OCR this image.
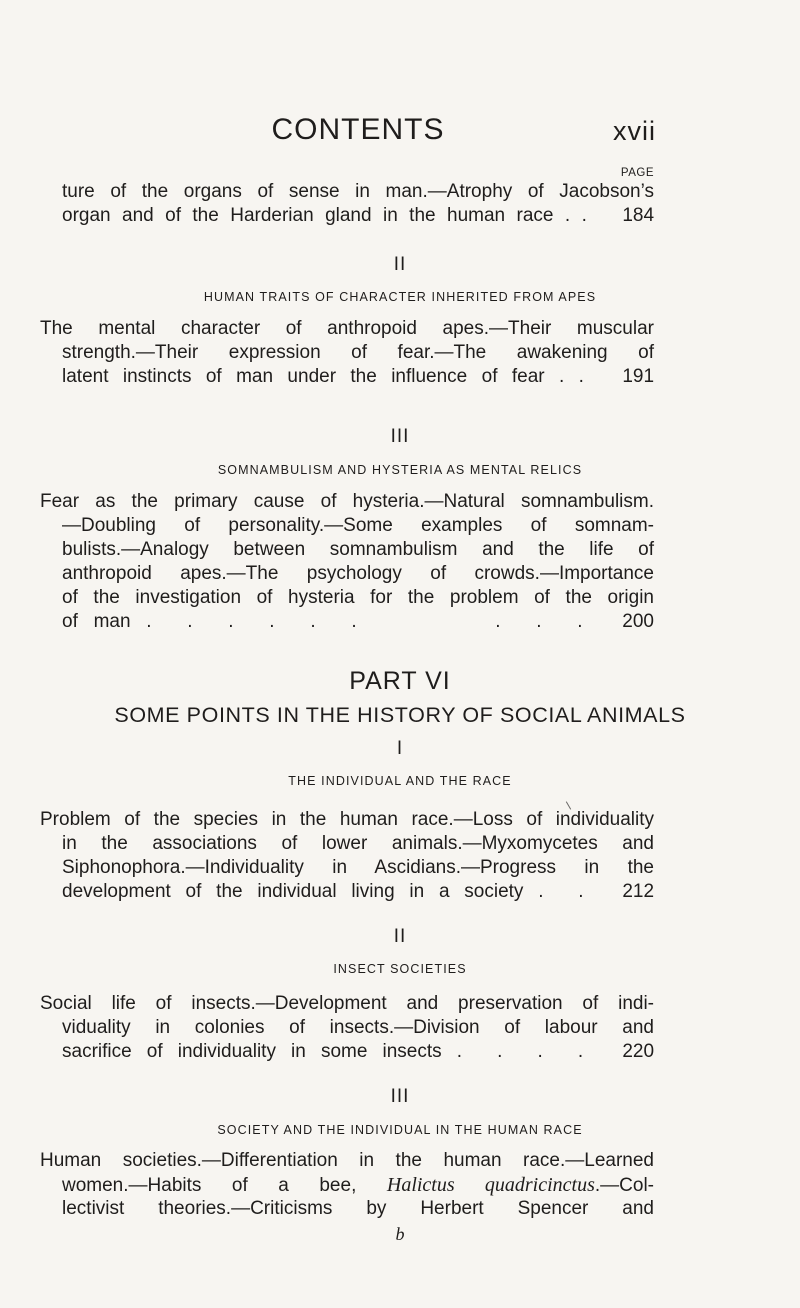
CONTENTS	xvii
PAGE
ture of the organs of sense in man.—Atrophy of Jacobson’s
organ and of the Harderian gland in the human race . . 184
II
HUMAN TRAITS OF CHARACTER INHERITED FROM APES
The mental character of anthropoid apes.—Their muscular
strength.—Their expression of fear.—The awakening of
latent instincts of man under the influence of fear . . 191
III
SOMNAMBULISM AND HYSTERIA AS MENTAL RELICS
Fear as the primary cause of hysteria.—Natural somnambulism.
—Doubling of personality.—Some examples of somnam-
bulists.—Analogy between somnambulism and the life of
anthropoid apes.—The psychology of crowds.—Importance
of the investigation of hysteria for the problem of the origin
of man . . . . . .     . . . 200
PART VI
SOME POINTS IN THE HISTORY OF SOCIAL ANIMALS
I
THE INDIVIDUAL AND THE RACE
Problem of the species in the human race.—Loss of individuality
in the associations of lower animals.—Myxomycetes and
Siphonophora.—Individuality in Ascidians.—Progress in the
development of the individual living in a society . . 212
II
INSECT SOCIETIES
Social life of insects.—Development and preservation of indi-
viduality in colonies of insects.—Division of labour and
sacrifice of individuality in some insects . . . . 220
III
SOCIETY AND THE INDIVIDUAL IN THE HUMAN RACE
Human societies.—Differentiation in the human race.—Learned
women.—Habits of a bee, Halictus quadricinctus.—Col-
lectivist theories.—Criticisms by Herbert Spencer and
b
